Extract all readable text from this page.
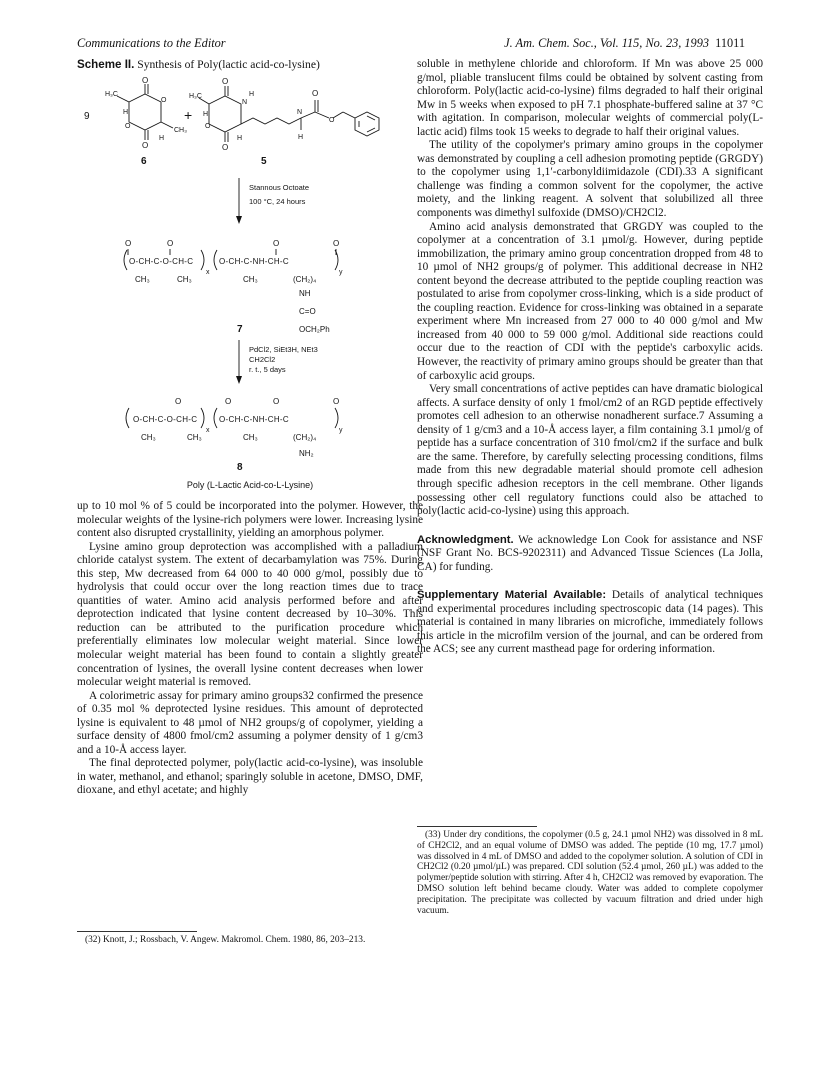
Communications to the Editor	J. Am. Chem. Soc., Vol. 115, No. 23, 1993 11011
Scheme II. Synthesis of Poly(lactic acid-co-lysine)
9
O
O
H₃C
CH₃
H
H
O
O
6
+
O
O
H₃C
H
N
H
O
H	H
N
O
O
5
Stannous Octoate
100 °C, 24 hours
O	O	O	O
O-CH-C-O-CH-C
x
O-CH-C-NH-CH-C
y
CH₃	CH₃	CH₃	(CH₂)₄
NH
C=O
OCH₂Ph
7
PdCl2, SiEt3H, NEt3
CH2Cl2
r. t., 5 days
O	O	O	O
O-CH-C-O-CH-C
x
O-CH-C-NH-CH-C
y
CH₃	CH₃	CH₃	(CH₂)₄
NH₂
8
Poly (L-Lactic Acid-co-L-Lysine)

up to 10 mol % of 5 could be incorporated into the polymer. However, the molecular weights of the lysine-rich polymers were lower. Increasing lysine content also disrupted crystallinity, yielding an amorphous polymer.

Lysine amino group deprotection was accomplished with a palladium chloride catalyst system. The extent of decarbamylation was 75%. During this step, Mw decreased from 64 000 to 40 000 g/mol, possibly due to hydrolysis that could occur over the long reaction times due to trace quantities of water. Amino acid analysis performed before and after deprotection indicated that lysine content decreased by 10–30%. This reduction can be attributed to the purification procedure which preferentially eliminates low molecular weight material. Since lower molecular weight material has been found to contain a slightly greater concentration of lysines, the overall lysine content decreases when lower molecular weight material is removed.

A colorimetric assay for primary amino groups32 confirmed the presence of 0.35 mol % deprotected lysine residues. This amount of deprotected lysine is equivalent to 48 µmol of NH2 groups/g of copolymer, yielding a surface density of 4800 fmol/cm2 assuming a polymer density of 1 g/cm3 and a 10-Å access layer.

The final deprotected polymer, poly(lactic acid-co-lysine), was insoluble in water, methanol, and ethanol; sparingly soluble in acetone, DMSO, DMF, dioxane, and ethyl acetate; and highly

(32) Knott, J.; Rossbach, V. Angew. Makromol. Chem. 1980, 86, 203–213.

soluble in methylene chloride and chloroform. If Mn was above 25 000 g/mol, pliable translucent films could be obtained by solvent casting from chloroform. Poly(lactic acid-co-lysine) films degraded to half their original Mw in 5 weeks when exposed to pH 7.1 phosphate-buffered saline at 37 °C with agitation. In comparison, molecular weights of commercial poly(L-lactic acid) films took 15 weeks to degrade to half their original values.

The utility of the copolymer's primary amino groups in the copolymer was demonstrated by coupling a cell adhesion promoting peptide (GRGDY) to the copolymer using 1,1′-carbonyldiimidazole (CDI).33 A significant challenge was finding a common solvent for the copolymer, the active moiety, and the linking reagent. A solvent that solubilized all three components was dimethyl sulfoxide (DMSO)/CH2Cl2.

Amino acid analysis demonstrated that GRGDY was coupled to the copolymer at a concentration of 3.1 µmol/g. However, during peptide immobilization, the primary amino group concentration dropped from 48 to 10 µmol of NH2 groups/g of polymer. This additional decrease in NH2 content beyond the decrease attributed to the peptide coupling reaction was postulated to arise from copolymer cross-linking, which is a side product of the coupling reaction. Evidence for cross-linking was obtained in a separate experiment where Mn increased from 27 000 to 40 000 g/mol and Mw increased from 40 000 to 59 000 g/mol. Additional side reactions could occur due to the reaction of CDI with the peptide's carboxylic acids. However, the reactivity of primary amino groups should be greater than that of carboxylic acid groups.

Very small concentrations of active peptides can have dramatic biological affects. A surface density of only 1 fmol/cm2 of an RGD peptide effectively promotes cell adhesion to an otherwise nonadherent surface.7 Assuming a density of 1 g/cm3 and a 10-Å access layer, a film containing 3.1 µmol/g of peptide has a surface concentration of 310 fmol/cm2 if the surface and bulk are the same. Therefore, by carefully selecting processing conditions, films made from this new degradable material should promote cell adhesion through specific adhesion receptors in the cell membrane. Other ligands possessing other cell regulatory functions could also be attached to poly(lactic acid-co-lysine) using this approach.

Acknowledgment. We acknowledge Lon Cook for assistance and NSF (NSF Grant No. BCS-9202311) and Advanced Tissue Sciences (La Jolla, CA) for funding.

Supplementary Material Available: Details of analytical techniques and experimental procedures including spectroscopic data (14 pages). This material is contained in many libraries on microfiche, immediately follows this article in the microfilm version of the journal, and can be ordered from the ACS; see any current masthead page for ordering information.

(33) Under dry conditions, the copolymer (0.5 g, 24.1 µmol NH2) was dissolved in 8 mL of CH2Cl2, and an equal volume of DMSO was added. The peptide (10 mg, 17.7 µmol) was dissolved in 4 mL of DMSO and added to the copolymer solution. A solution of CDI in CH2Cl2 (0.20 µmol/µL) was prepared. CDI solution (52.4 µmol, 260 µL) was added to the polymer/peptide solution with stirring. After 4 h, CH2Cl2 was removed by evaporation. The DMSO solution left behind became cloudy. Water was added to complete copolymer precipitation. The precipitate was collected by vacuum filtration and dried under high vacuum.
